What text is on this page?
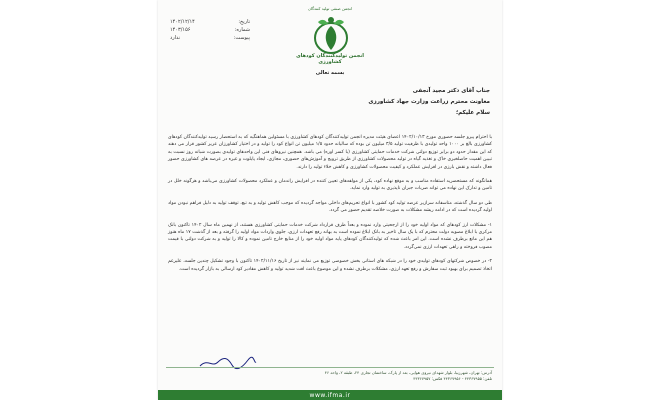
تاریخ:
۱۴۰۲/۱۲/۱۴
شماره:
۱۴۰۳/۱۵۶
پیوست:
ندارد
انجمن صنفی تولید کنندگان
انجمن تولیدکنندگان کودهای کشاورزی
بسمه تعالی
جناب آقای دکتر مجید آنجفی
معاونت محترم زراعت وزارت جهاد کشاورزی
سلام علیکم؛

با احترام پیرو جلسه حضوری مورخ ۱۴۰۲/۱۰/۱۳ اعضای هیئت مدیره انجمن تولیدکنندگان کودهای کشاورزی با مسئولین هماهنگیه که به استحضار رسید تولیدکنندگان کودهای کشاورزی بالغ بر ۱۰۰۰ واحد تولیدی با ظرفیت تولید ۳/۵ میلیون تن بوده که سالیانه حدود ۱/۵ میلیون تن انواع کود را تولید و در اختیار کشاورزان عزیز کشور قرار می دهند که این مقدار حدود دو برابر توزیع دولتی شرکت خدمات حمایتی کشاورزی (با کسر اوره) می باشد. همچنین نیروهای فنی این واحدهای تولیدی بصورت شبانه روز نسبت به تبیین اهمیت حاصلخیزی خاک و تغذیه گیاه در تولید محصولات کشاورزی از طریق ترویج و آموزش‌های حضوری، مجازی، ایجاد پایلوت و غیره در عرصه های کشاورزی حضور فعال داشته و نقش بارزی در افزایش عملکرد و کیفیت محصولات کشاورزی و کاهش خلاء تولید را دارند.

همانگونه که مستحضرید استفاده مناسب و به موقع نهاده کود، یکی از مولفه‌های تعیین کننده در افزایش راندمان و عملکرد محصولات کشاورزی می‌باشد و هرگونه خلل در تامین و تدارک این نهاده می تواند ضربات جبران ناپذیری به تولید وارد نماید.

طی دو سال گذشته، متاسفانه سرازیر عرضه تولید کود کشور با انواع تحریم‌های داخلی مواجه گردیده که موجب کاهش تولید و به تبع، توقف تولید به دلیل فراهم نبودن مواد اولیه گردیده است که در ادامه ریشه مشکلات به صورت خلاصه تقدیم حضور می گردد.

۱- مشکلات ارز کودهای که مواد اولیه خود را از ارجحیتی وارد نموده و بعداً طرف قرارداد شرکت خدمات حمایتی کشاورزی هستند، از نهمین ماه سال ۱۴۰۲ تاکنون بانک مرکزی با ابلاغ مصوبه دولت محترم که با یک سال تاخیر به بانک ابلاغ نموده است به بهانه رفع تعهدات ارزی، جلوی واردات مواد اولیه را گرفته و بعد از گذشت ۱۷ ماه هنوز هم این مانع برطرف نشده است. این امر باعث شده که تولیدکنندگان کودهای پایه مواد اولیه خود را از منابع خارج تامین نموده و کالا را تولید و به شرکت دولتی با قیمت مصوب فروخته و راهی تعهدات ارزی نمی‌گردد.

۲- در خصوص شرکتهای کودهای تولیدی خود را در شبکه های استانی بخش خصوصی توزیع می نمایند نیز از تاریخ ۱۴۰۲/۱۱/۱۶ تاکنون با وجود تشکیل چندین جلسه، علیرغم اتخاذ تصمیم برای بهبود ثبت سفارش و رفع تعهد ارزی، مشکلات برطرف نشده و این موضوع باعث افت شدید تولید و کاهش مقادیر کود ارسالی به بازار گردیده است.

آدرس: تهران، شهرزیبا، بلوار شهدای نیروی هوایی، بعد از پارک، ساختمان تجاری ۲۴، طبقه ۲، واحد ۴۶
تلفن: ۴۴۳۶۷۹۵۵ - ۴۴۳۶۷۹۵۶ فکس: ۴۴۳۶۷۹۵۷
www.ifma.ir
